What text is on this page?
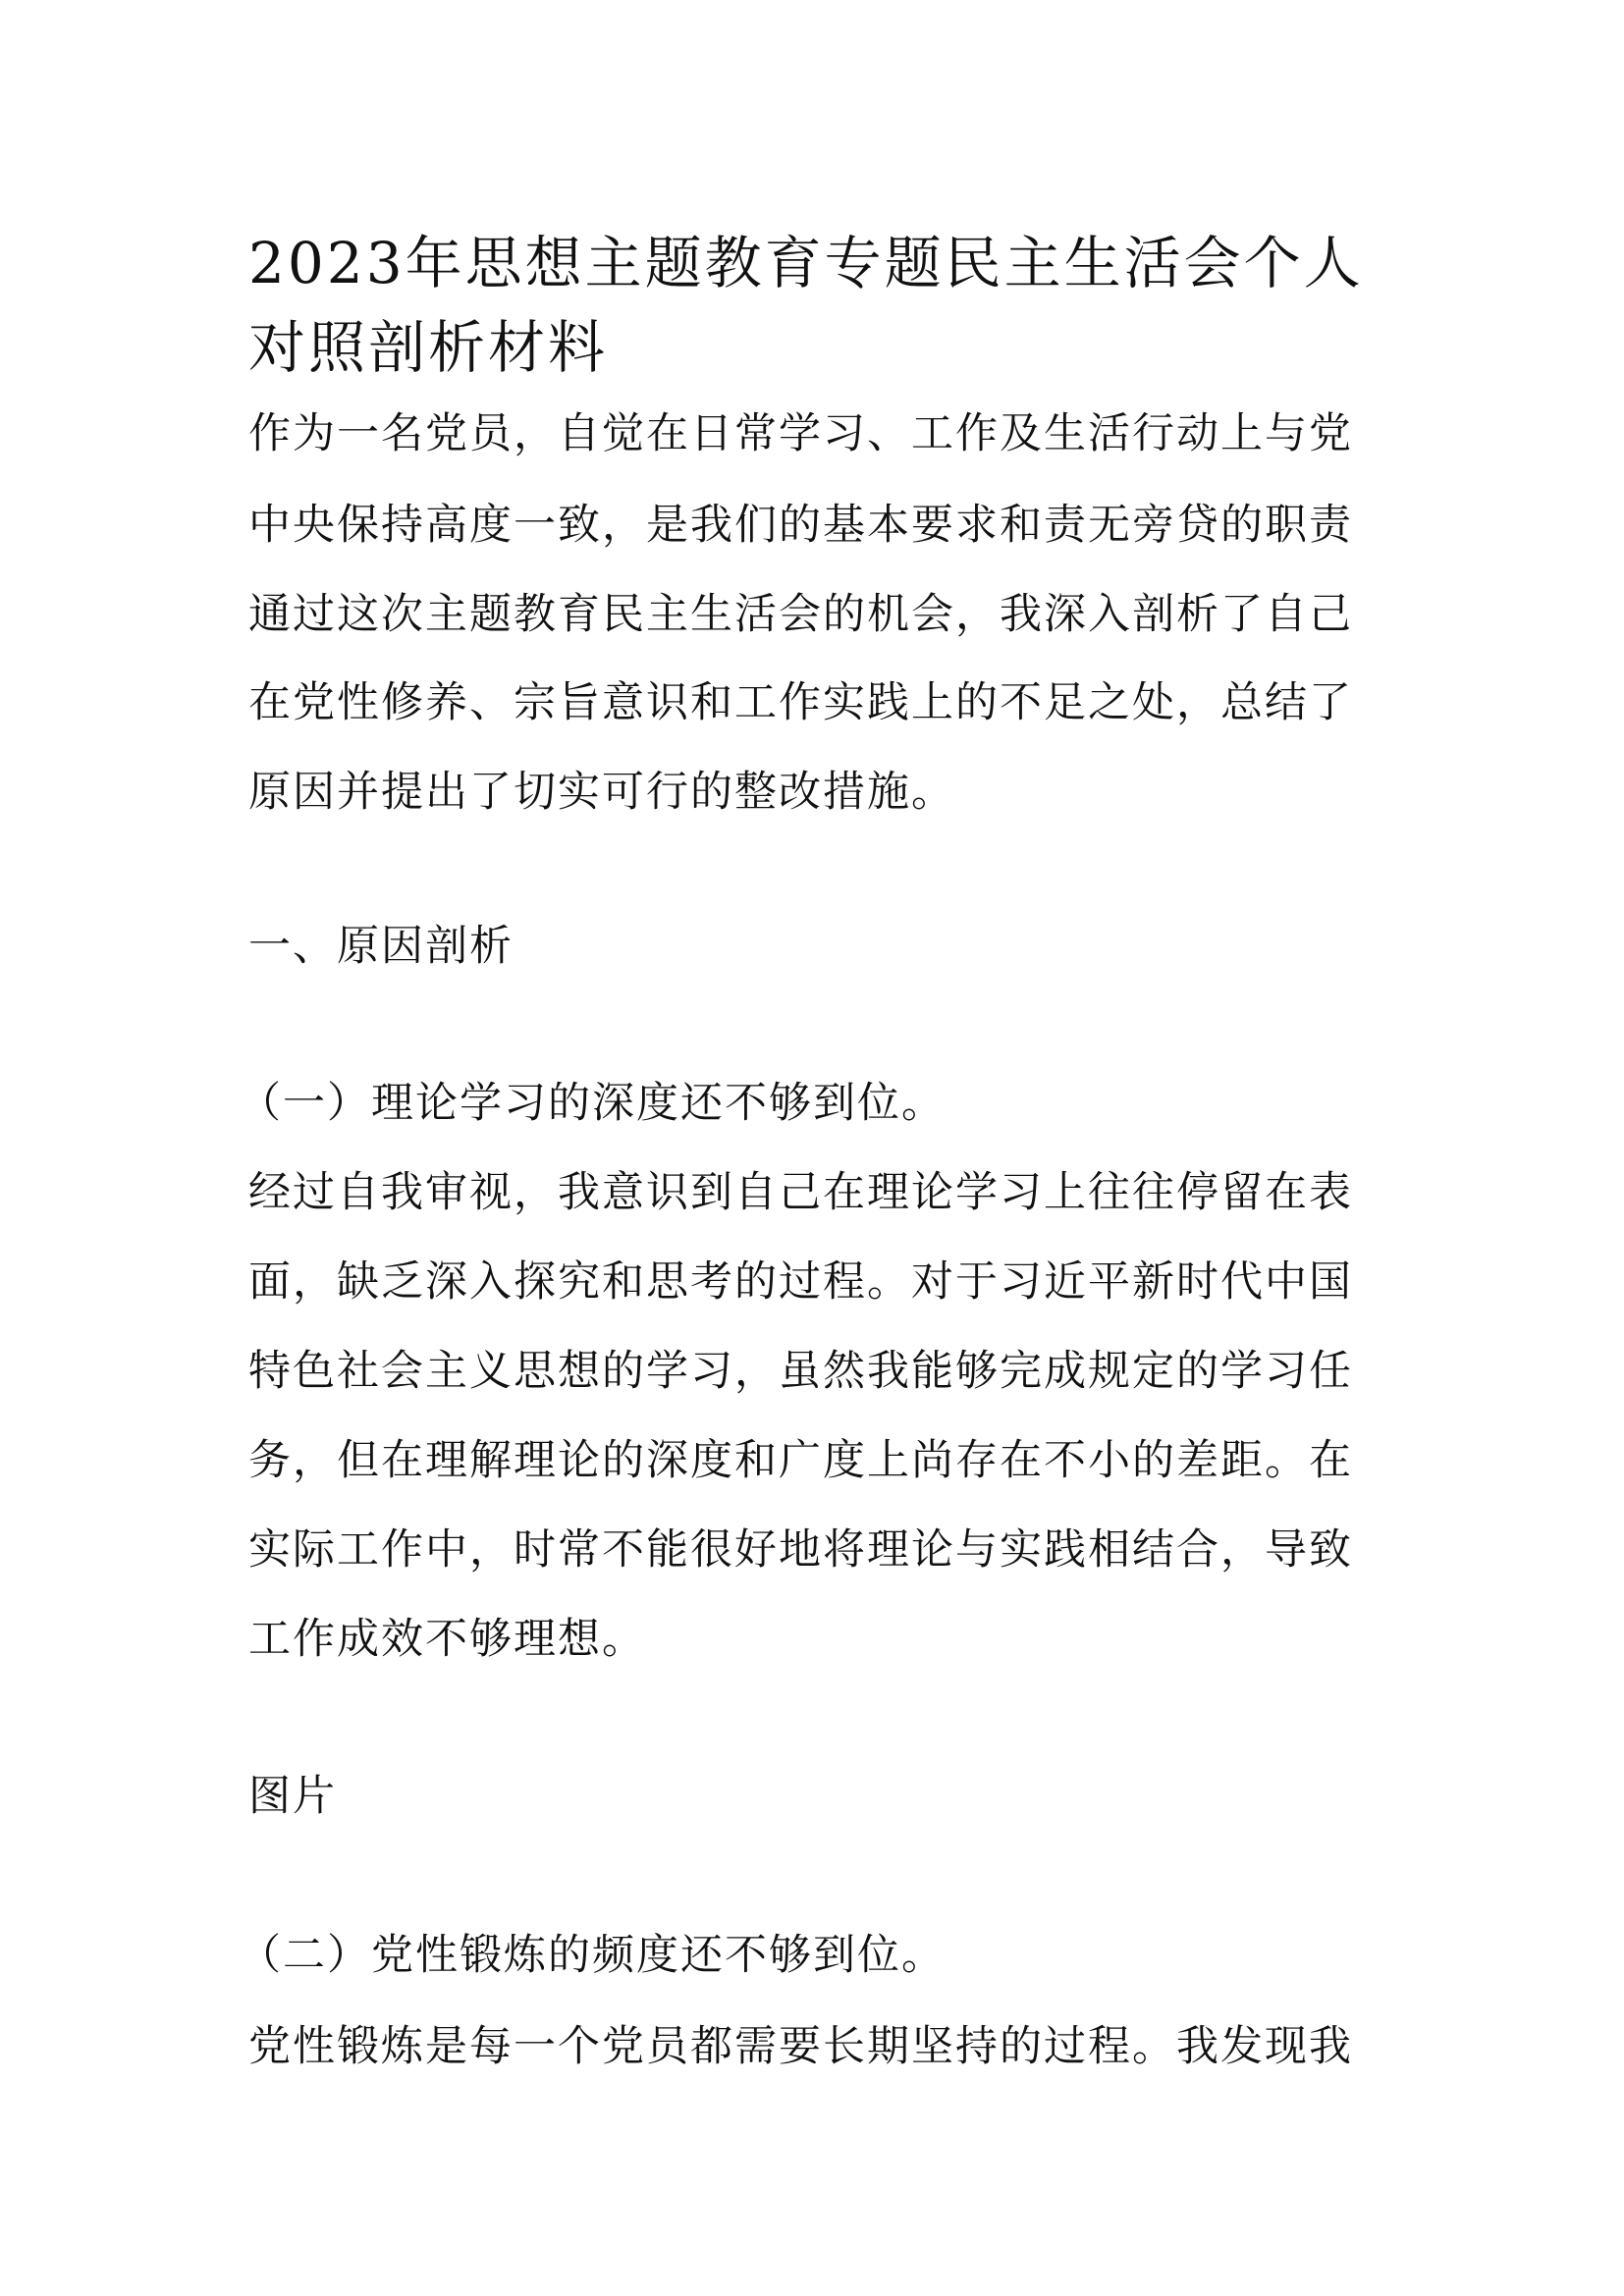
2023年思想主题教育专题民主生活会个人
对照剖析材料
作为一名党员，自觉在日常学习、工作及生活行动上与党
中央保持高度一致，是我们的基本要求和责无旁贷的职责
通过这次主题教育民主生活会的机会，我深入剖析了自己
在党性修养、宗旨意识和工作实践上的不足之处，总结了
原因并提出了切实可行的整改措施。
一、原因剖析
（一）理论学习的深度还不够到位。
经过自我审视，我意识到自己在理论学习上往往停留在表
面，缺乏深入探究和思考的过程。对于习近平新时代中国
特色社会主义思想的学习，虽然我能够完成规定的学习任
务，但在理解理论的深度和广度上尚存在不小的差距。在
实际工作中，时常不能很好地将理论与实践相结合，导致
工作成效不够理想。
图片
（二）党性锻炼的频度还不够到位。
党性锻炼是每一个党员都需要长期坚持的过程。我发现我
